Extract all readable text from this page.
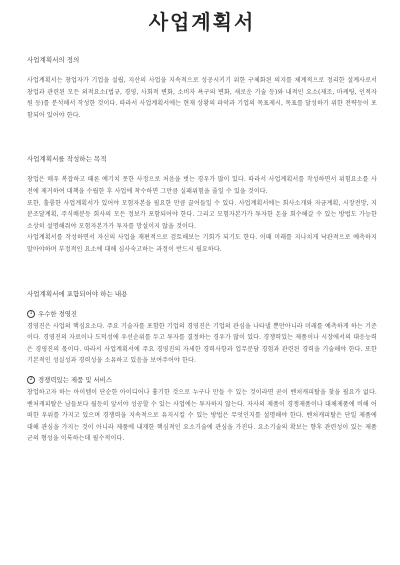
사업계획서
사업계획서의 정의

사업계획서는 창업자가 기업을 설립, 지산의 사업을 지속적으로 성공시키기 위한 구체화된 의지를 체계적으로 정리한 설계사로서 창업과 관련된 모든 외적요소(법규, 경영, 사회적 변화, 소비자 욕구의 변화, 새로운 기술 등)와 내적인 요소(제조, 마케팅, 인적자원 등)를 분석해서 작성한 것이다. 따라서 사업계획서에는 현재 상황의 파악과 기업의 목표제시, 목표를 달성하기 위한 전략등이 포함되어 있어야 한다.

사업계획서를 작성하는 목적

창업은 매우 복잡하고 때론 예기치 못한 사정으로 처음을 벗는 경우가 많이 있다. 따라서 사업계획서를 작성하면서 위험요소를 사전에 제거하여 대책을 수립한 후 사업에 착수하면 그만큼 실패위험을 줄일 수 있을 것이다.

또한, 훌륭한 사업계획서가 있어야 모험자본을 필요한 만큼 끌어들일 수 있다. 사업계획서에는 회사소개와 자금계획, 시장전망, 지분조달계획, 주식배분등 회사의 모든 정보가 포함되어야 한다. 그리고 모험자본가가 투자한 돈을 회수해갈 수 있는 방법도 가능한 소상히 설명해줘야 모험자본가가 투자를 망설이지 않을 것이다.

사업계획서를 작성하면서 자신의 사업을 재편적으로 검토해보는 기회가 되기도 한다. 이때 미래를 지나치게 낙관적으로 예측하지 말아야하며 부정적인 요소에 대해 심사숙고하는 과정이 반드시 필요하다.

사업계획서에 포함되어야 하는 내용
1 우수한 경영진

경영진은 사업의 핵심요소다. 주요 기술자를 포함한 기업의 경영진은 기업의 관심을 나타낼 뿐만아니라 미래를 예측하게 하는 기준이다. 경영진의 자료이나 도덕성에 우선순위를 두고 투자를 결정하는 경우가 많이 있다. 경쟁력있는 제품이나 시장에서의 대응능력은 경영진의 몫이다. 따라서 사업계획서에 주요 경영진의 자세한 경력사항과 업무분담 경험과 관련된 경력을 기술해야 한다. 또한 기본적인 성실성과 경력성을 소유하고 있음을 보여주어야 한다.

2 경쟁력있는 제품 및 서비스

창업하고자 하는 아이템이 단순한 아이디어나 흉기한 것으로 누구나 만들 수 있는 것이라면 곧이 벤처캐피탈을 찾을 필요가 없다. 벤처캐피탈은 남들보다 월등히 앞서야 성공할 수 있는 사업에는 투자하지 않는다. 자사의 제품이 경쟁제품이나 대체제품에 비해 어떠한 우위를 가지고 있으며 경쟁력을 지속적으로 유지시킬 수 있는 방법은 무엇인지를 설명해야 한다. 벤처캐피탈은 단일 제품에 대해 관심을 가지는 것이 아니라 제품에 내재한 핵심적인 요소기술에 관심을 가진다. 요소기술의 확보는 향후 관련성이 있는 제품군의 형성을 이룩하는데 필수적이다.
